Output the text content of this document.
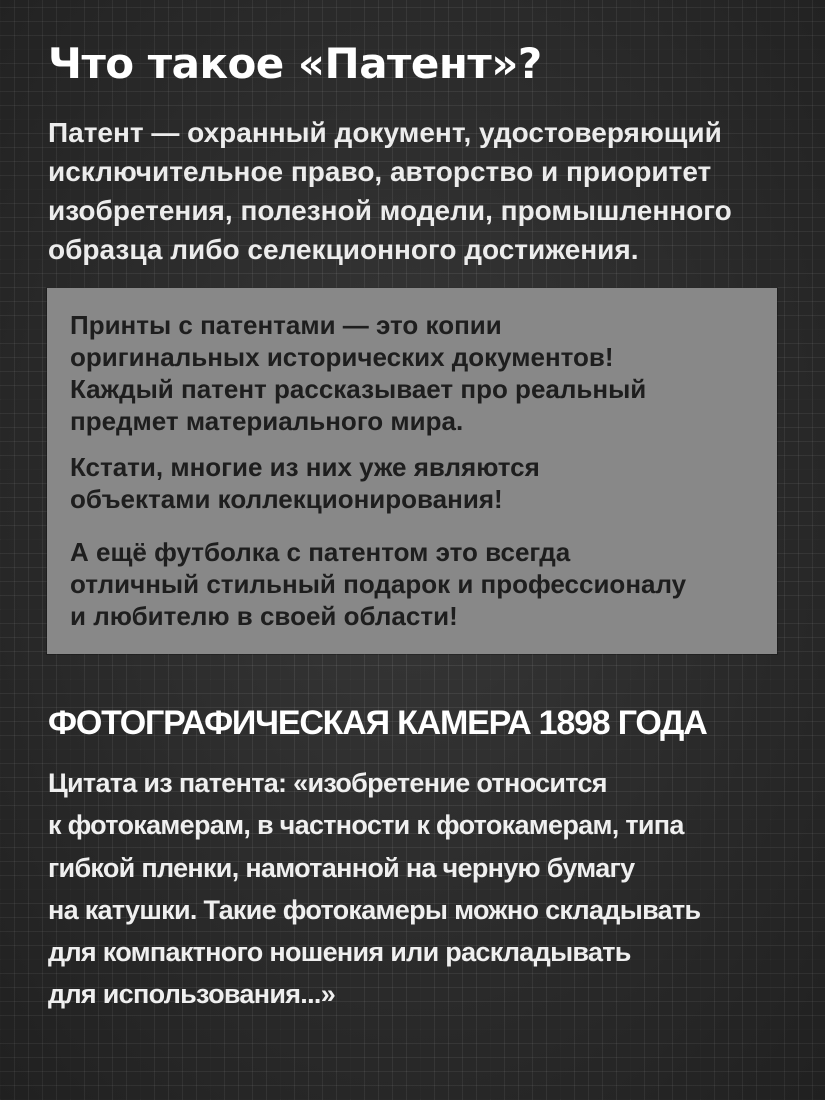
Что такое «Патент»?
Патент — охранный документ, удостоверяющий
исключительное право, авторство и приоритет
изобретения, полезной модели, промышленного
образца либо селекционного достижения.

Принты с патентами — это копии
оригинальных исторических документов!
Каждый патент рассказывает про реальный
предмет материального мира.

Кстати, многие из них уже являются
объектами коллекционирования!

А ещё футболка с патентом это всегда
отличный стильный подарок и профессионалу
и любителю в своей области!

ФОТОГРАФИЧЕСКАЯ КАМЕРА 1898 ГОДА
Цитата из патента: «изобретение относится
к фотокамерам, в частности к фотокамерам, типа
гибкой пленки, намотанной на черную бумагу
на катушки. Такие фотокамеры можно складывать
для компактного ношения или раскладывать
для использования...»
